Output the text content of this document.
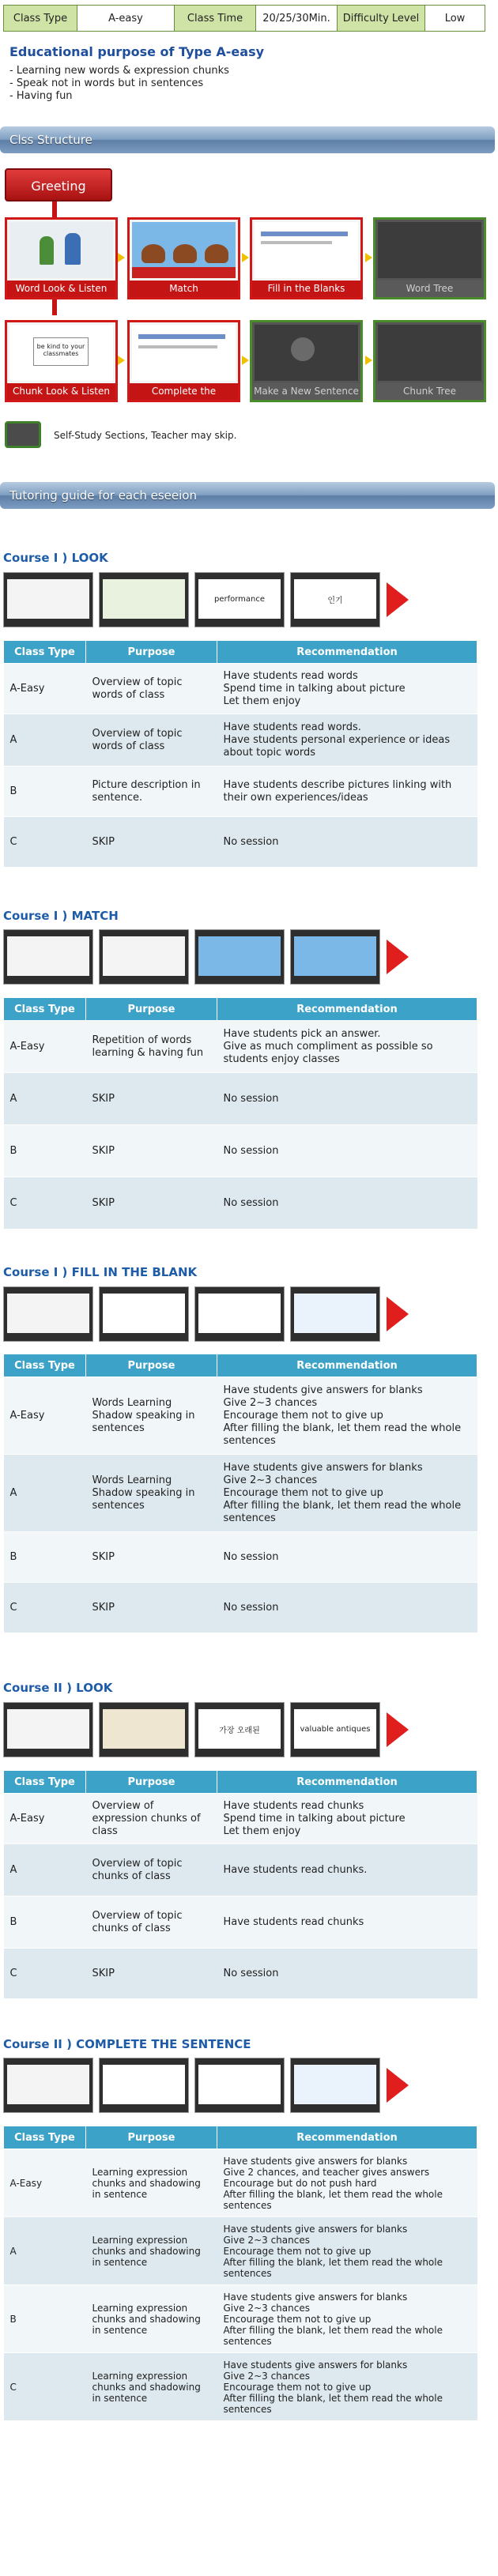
Class Type	A-easy	Class Time	20/25/30Min.	Difficulty Level	Low
Educational purpose of Type A-easy
- Learning new words & expression chunks
- Speak not in words but in sentences
- Having fun
Clss Structure
Greeting
Word Look & Listen	Match	Fill in the Blanks	Word Tree
be kind to your classmates
Chunk Look & Listen	Complete the Sentence
Make a New Sentence	Chunk Tree
Self-Study Sections, Teacher may skip.
Tutoring guide for each eseeion
Course I ) LOOK
performance	인기
Class Type	Purpose	Recommendation
A-Easy	Overview of topic words of class	Have students read words
Spend time in talking about picture
Let them enjoy
A	Overview of topic words of class	Have students read words.
Have students personal experience or ideas about topic words
B	Picture description in sentence.	Have students describe pictures linking with their own experiences/ideas
C	SKIP	No session
Course I ) MATCH
Class Type	Purpose	Recommendation
A-Easy	Repetition of words learning & having fun	Have students pick an answer.
Give as much compliment as possible so students enjoy classes
A	SKIP	No session
B	SKIP	No session
C	SKIP	No session
Course I ) FILL IN THE BLANK
Class Type	Purpose	Recommendation
A-Easy	Words Learning
Shadow speaking in sentences	Have students give answers for blanks
Give 2~3 chances
Encourage them not to give up
After filling the blank, let them read the whole sentences
A	Words Learning
Shadow speaking in sentences	Have students give answers for blanks
Give 2~3 chances
Encourage them not to give up
After filling the blank, let them read the whole sentences
B	SKIP	No session
C	SKIP	No session
Course II ) LOOK
가장 오래된	valuable antiques
Class Type	Purpose	Recommendation
A-Easy	Overview of expression chunks of class	Have students read chunks
Spend time in talking about picture
Let them enjoy
A	Overview of topic chunks of class	Have students read chunks.
B	Overview of topic chunks of class	Have students read chunks
C	SKIP	No session
Course II ) COMPLETE THE SENTENCE
Class Type	Purpose	Recommendation
A-Easy	Learning expression chunks and shadowing in sentence	Have students give answers for blanks
Give 2 chances, and teacher gives answers
Encourage but do not push hard
After filling the blank, let them read the whole sentences
A	Learning expression chunks and shadowing in sentence	Have students give answers for blanks
Give 2~3 chances
Encourage them not to give up
After filling the blank, let them read the whole sentences
B	Learning expression chunks and shadowing in sentence	Have students give answers for blanks
Give 2~3 chances
Encourage them not to give up
After filling the blank, let them read the whole sentences
C	Learning expression chunks and shadowing in sentence	Have students give answers for blanks
Give 2~3 chances
Encourage them not to give up
After filling the blank, let them read the whole sentences
